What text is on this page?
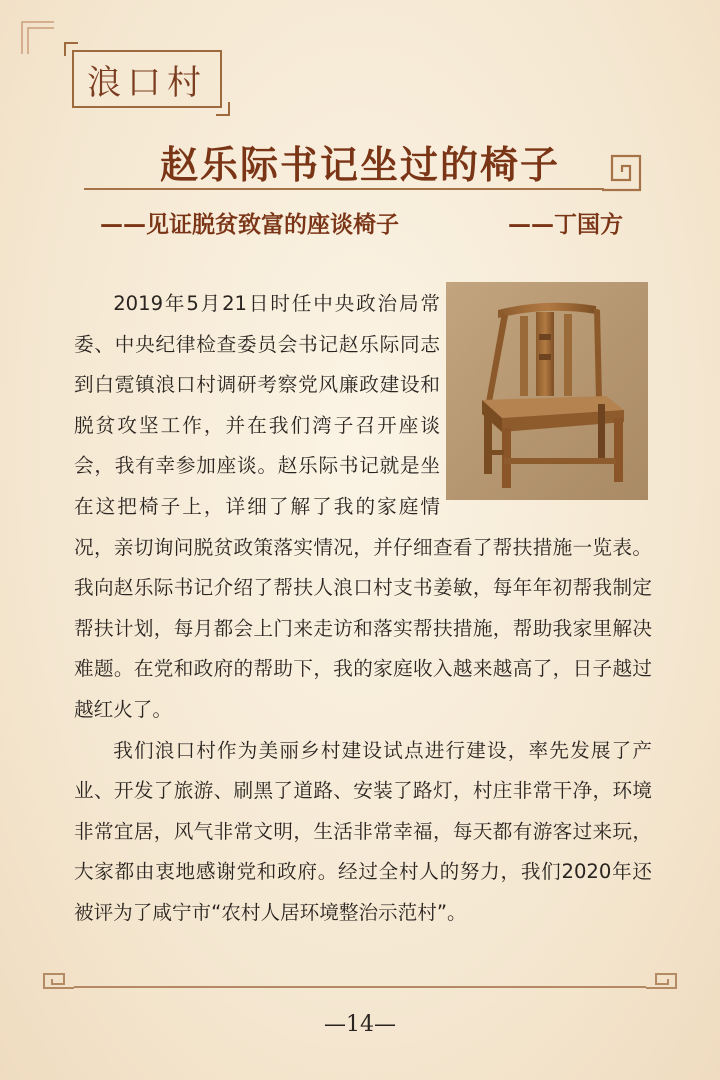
浪口村
赵乐际书记坐过的椅子
——见证脱贫致富的座谈椅子	——丁国方

2019年5月21日时任中央政治局常委、中央纪律检查委员会书记赵乐际同志到白霓镇浪口村调研考察党风廉政建设和脱贫攻坚工作，并在我们湾子召开座谈会，我有幸参加座谈。赵乐际书记就是坐在这把椅子上，详细了解了我的家庭情况，亲切询问脱贫政策落实情况，并仔细查看了帮扶措施一览表。我向赵乐际书记介绍了帮扶人浪口村支书姜敏，每年年初帮我制定帮扶计划，每月都会上门来走访和落实帮扶措施，帮助我家里解决难题。在党和政府的帮助下，我的家庭收入越来越高了，日子越过越红火了。

我们浪口村作为美丽乡村建设试点进行建设，率先发展了产业、开发了旅游、刷黑了道路、安装了路灯，村庄非常干净，环境非常宜居，风气非常文明，生活非常幸福，每天都有游客过来玩，大家都由衷地感谢党和政府。经过全村人的努力，我们2020年还被评为了咸宁市“农村人居环境整治示范村”。

—14—
